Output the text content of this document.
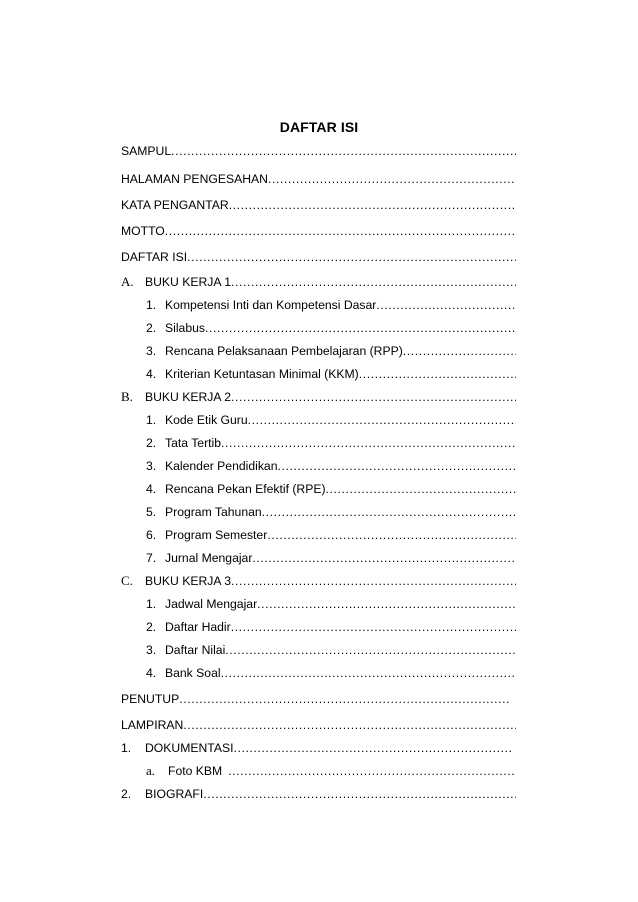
DAFTAR ISI
SAMPUL
.....
HALAMAN PENGESAHAN
.....
KATA PENGANTAR
.....
MOTTO
.....
DAFTAR ISI
.....
A. BUKU KERJA 1
.....
1. Kompetensi Inti dan Kompetensi Dasar
.....
2. Silabus
.....
3. Rencana Pelaksanaan Pembelajaran (RPP)
.....
4. Kriterian Ketuntasan Minimal (KKM)
.....
B. BUKU KERJA 2
.....
1. Kode Etik Guru
.....
2. Tata Tertib
.....
3. Kalender Pendidikan
.....
4. Rencana Pekan Efektif (RPE)
.....
5. Program Tahunan
.....
6. Program Semester
.....
7. Jurnal Mengajar
.....
C. BUKU KERJA 3
.....
1. Jadwal Mengajar
.....
2. Daftar Hadir
.....
3. Daftar Nilai
.....
4. Bank Soal
.....
PENUTUP
.....
LAMPIRAN
.....
1.	DOKUMENTASI
.....
a.	Foto KBM
.....
2.	BIOGRAFI
.....
